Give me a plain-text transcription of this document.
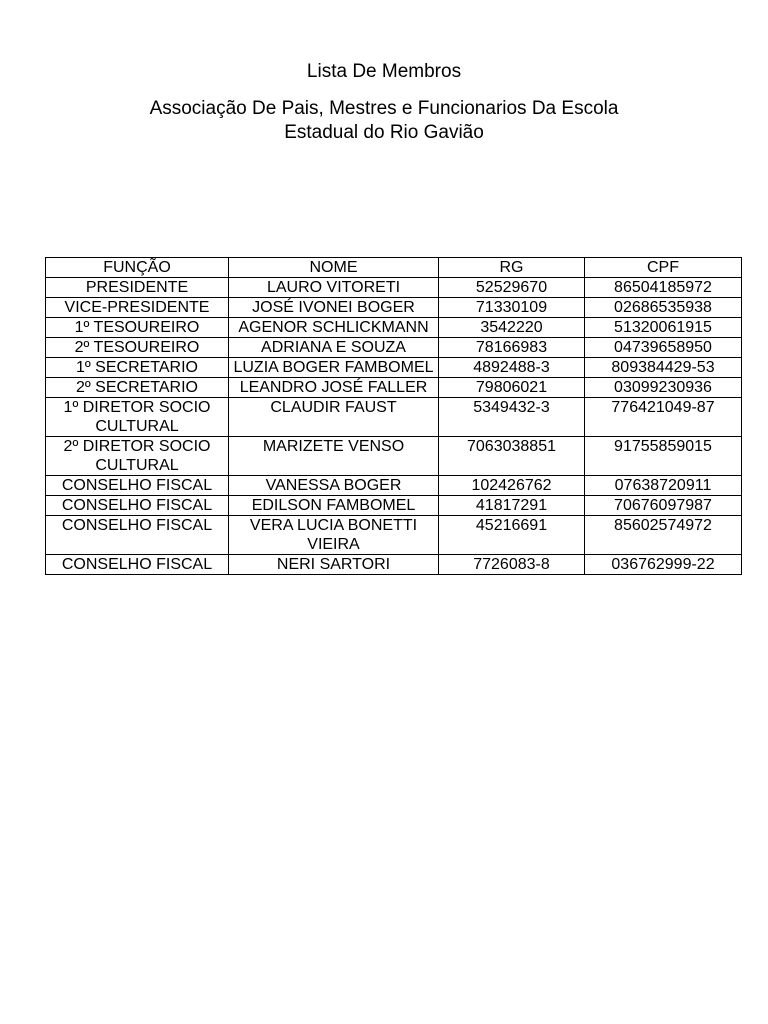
Lista De Membros
Associação De Pais, Mestres e Funcionarios Da Escola
Estadual do Rio Gavião
FUNÇÃO	NOME	RG	CPF
PRESIDENTE	LAURO VITORETI	52529670	86504185972
VICE-PRESIDENTE	JOSÉ IVONEI BOGER	71330109	02686535938
1º TESOUREIRO	AGENOR SCHLICKMANN	3542220	51320061915
2º TESOUREIRO	ADRIANA E SOUZA	78166983	04739658950
1º SECRETARIO	LUZIA BOGER FAMBOMEL	4892488-3	809384429-53
2º SECRETARIO	LEANDRO JOSÉ FALLER	79806021	03099230936
1º DIRETOR SOCIO CULTURAL	CLAUDIR FAUST	5349432-3	776421049-87
2º DIRETOR SOCIO CULTURAL	MARIZETE VENSO	7063038851	91755859015
CONSELHO FISCAL	VANESSA BOGER	102426762	07638720911
CONSELHO FISCAL	EDILSON FAMBOMEL	41817291	70676097987
CONSELHO FISCAL	VERA LUCIA BONETTI VIEIRA	45216691	85602574972
CONSELHO FISCAL	NERI SARTORI	7726083-8	036762999-22
